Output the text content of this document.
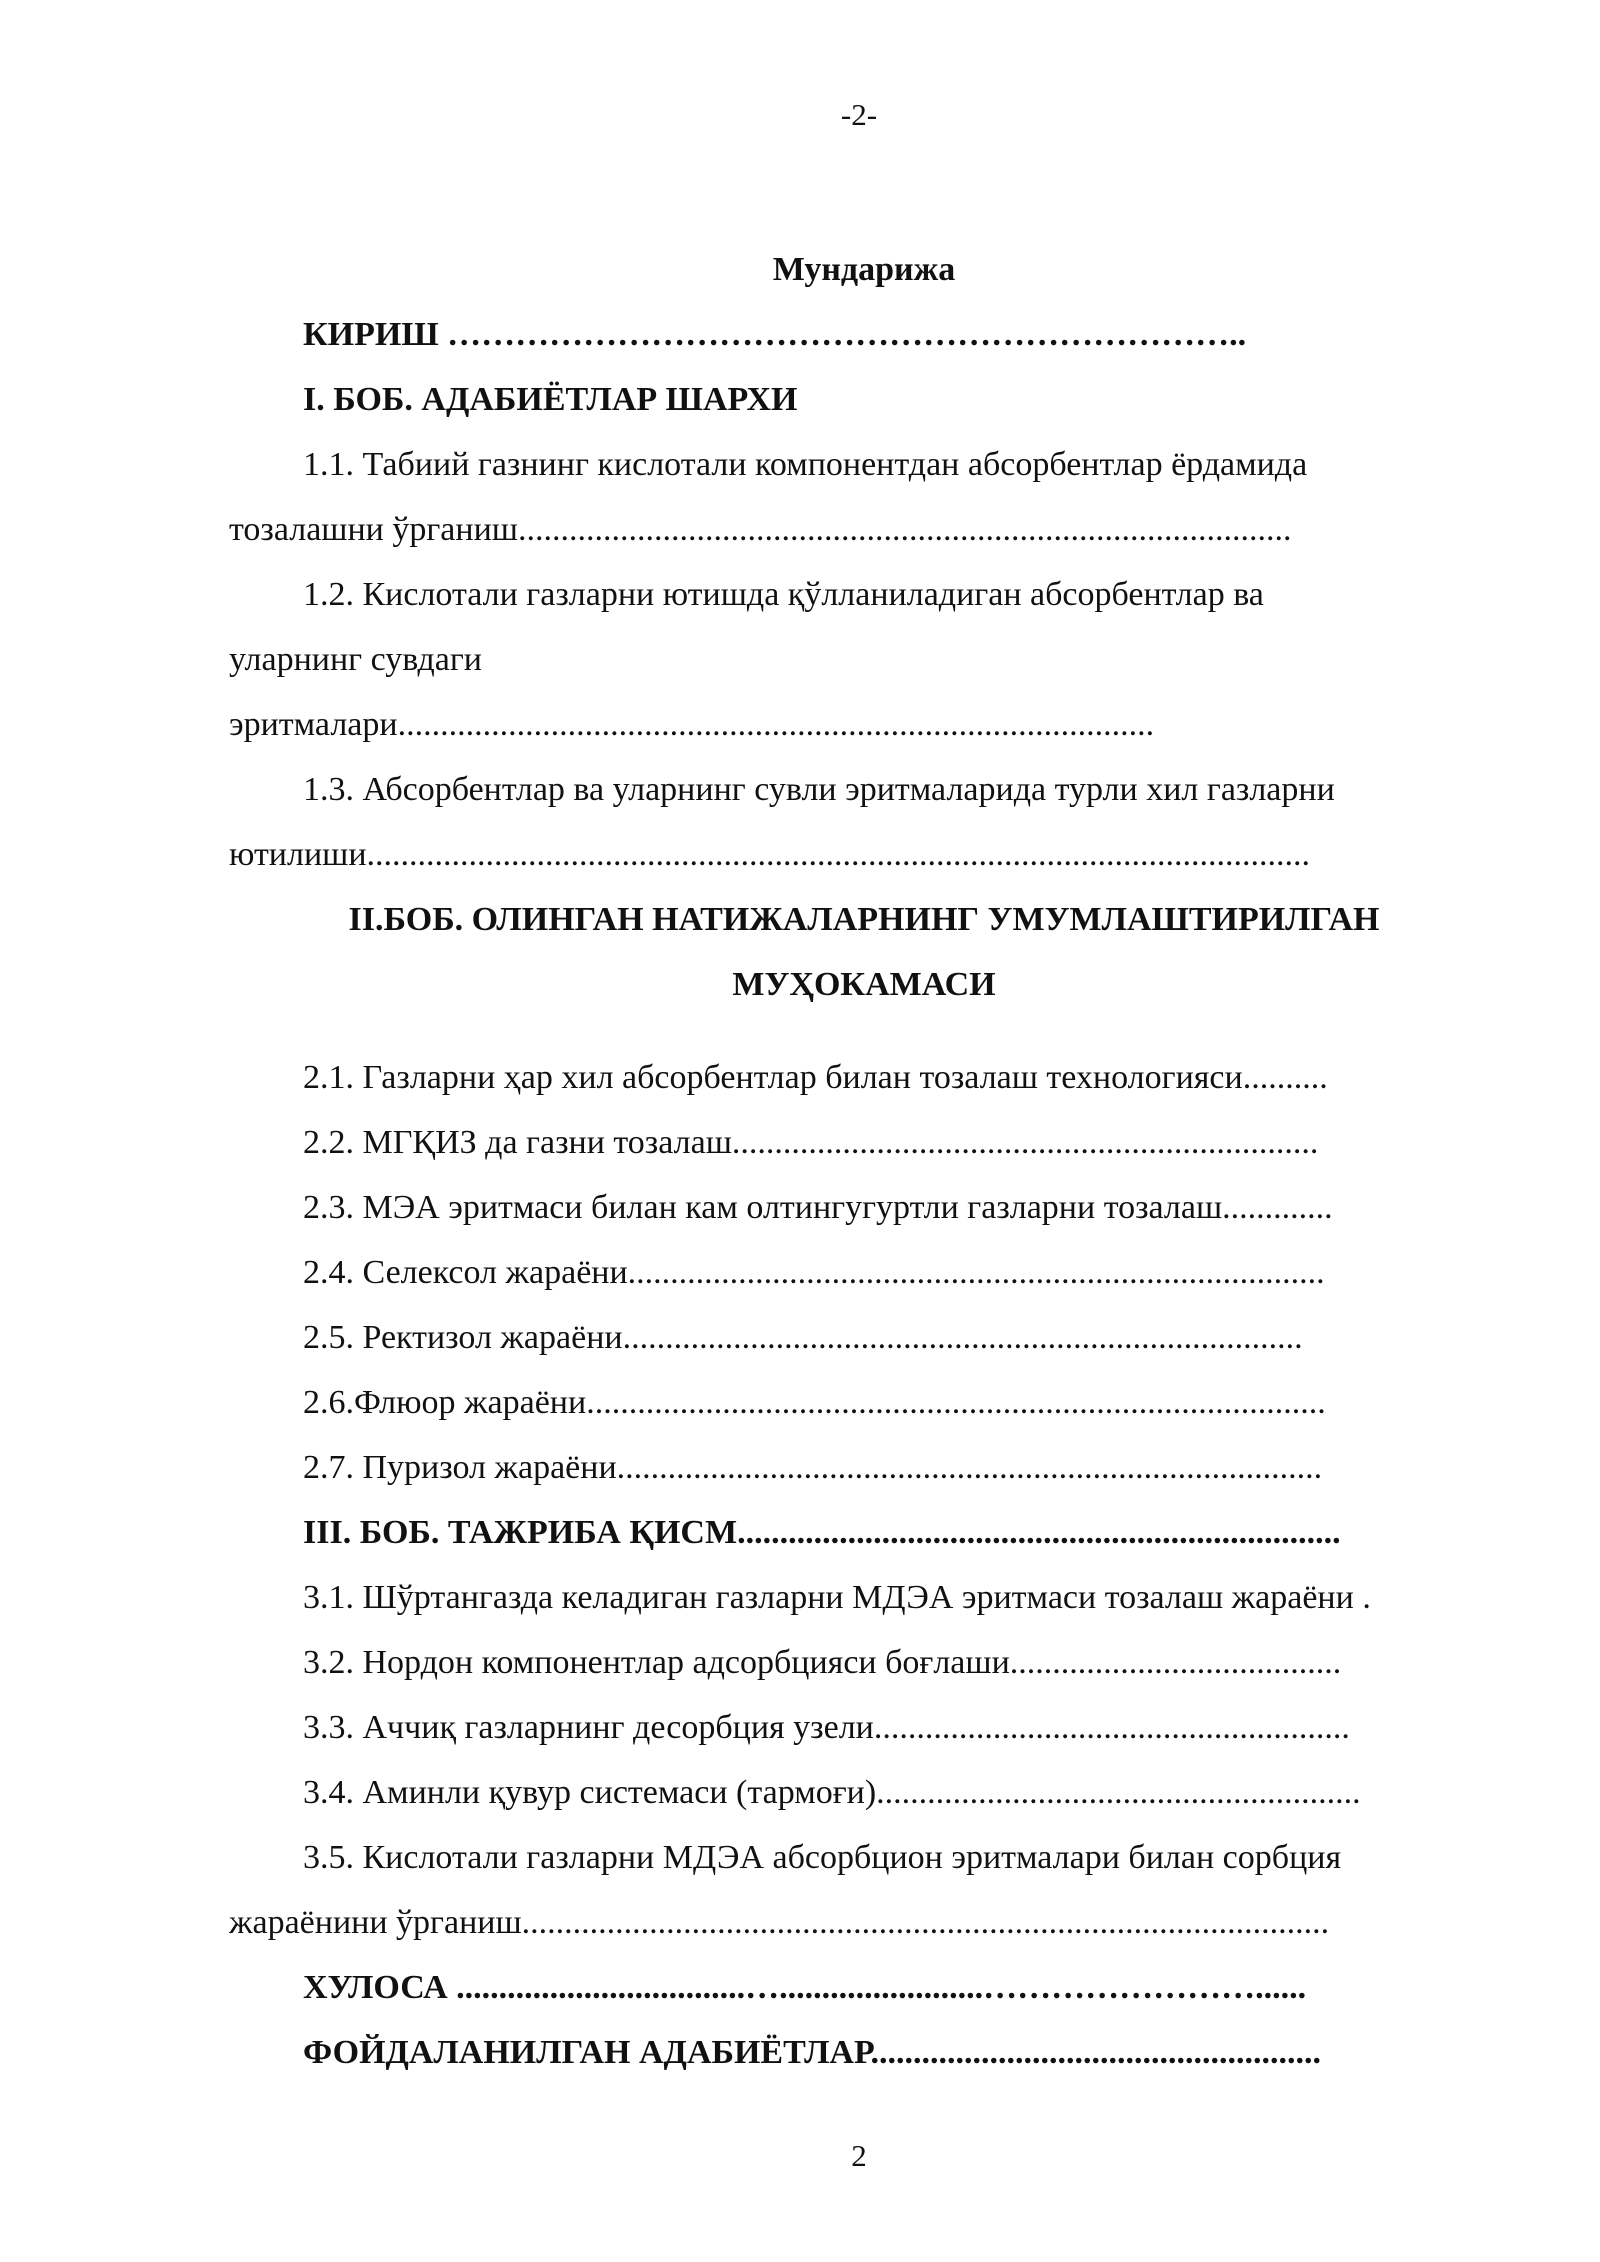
-2-
Мундарижа
КИРИШ ……………………………………………………………..
I. БОБ. АДАБИЁТЛАР ШАРХИ
1.1. Табиий газнинг кислотали компонентдан абсорбентлар ёрдамида
тозалашни ўрганиш...........................................................................................
1.2. Кислотали газларни ютишда қўлланиладиган абсорбентлар ва
уларнинг сувдаги
эритмалари.........................................................................................
1.3. Абсорбентлар ва уларнинг сувли эритмаларида турли хил газларни
ютилиши...............................................................................................................
II.БОБ. ОЛИНГАН НАТИЖАЛАРНИНГ УМУМЛАШТИРИЛГАН
МУҲОКАМАСИ
2.1. Газларни ҳар хил абсорбентлар билан тозалаш технологияси..........
2.2. МГҚИЗ да газни тозалаш.....................................................................
2.3. МЭА эритмаси билан кам олтингугуртли газларни тозалаш.............
2.4. Селексол жараёни..................................................................................
2.5. Ректизол жараёни................................................................................
2.6.Флюор жараёни.......................................................................................
2.7. Пуризол жараёни...................................................................................
III. БОБ. ТАЖРИБА ҚИСМ.......................................................................
3.1. Шўртангазда келадиган газларни МДЭА эритмаси тозалаш жараёни .
3.2. Нордон компонентлар адсорбцияси боғлаши.......................................
3.3. Аччиқ газларнинг десорбция узели........................................................
3.4. Аминли қувур системаси (тармоғи).........................................................
3.5. Кислотали газларни МДЭА абсорбцион эритмалари билан сорбция
жараёнини ўрганиш...............................................................................................
ХУЛОСА ..................................…........................……………………......
ФОЙДАЛАНИЛГАН АДАБИЁТЛАР.....................................................
2
